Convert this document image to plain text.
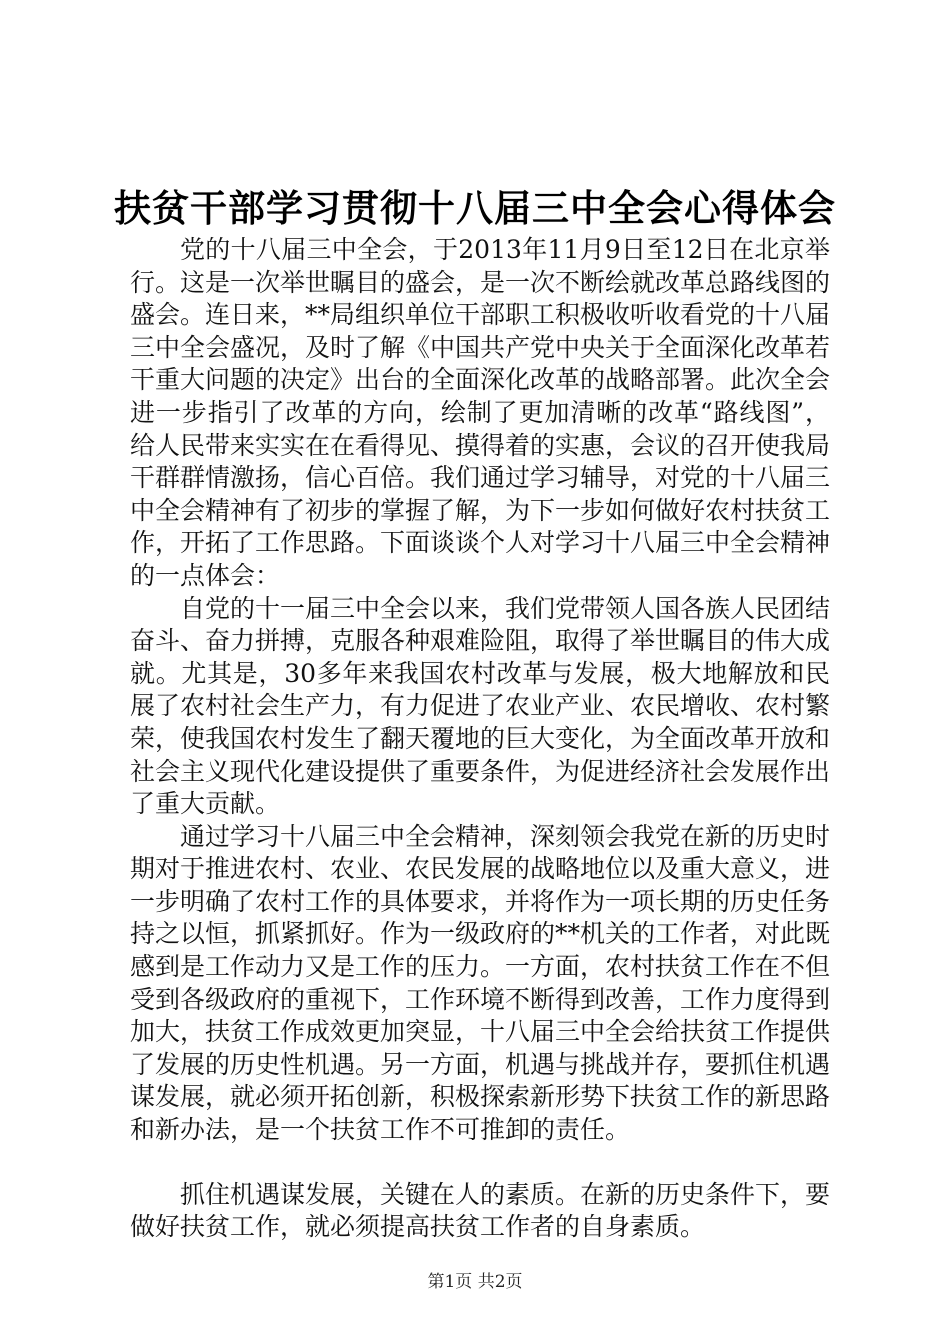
扶贫干部学习贯彻十八届三中全会心得体会

党的十八届三中全会，于2013年11月9日至12日在北京举行。这是一次举世瞩目的盛会，是一次不断绘就改革总路线图的盛会。连日来，**局组织单位干部职工积极收听收看党的十八届三中全会盛况，及时了解《中国共产党中央关于全面深化改革若干重大问题的决定》出台的全面深化改革的战略部署。此次全会进一步指引了改革的方向，绘制了更加清晰的改革“路线图”，给人民带来实实在在看得见、摸得着的实惠，会议的召开使我局干群群情激扬，信心百倍。我们通过学习辅导，对党的十八届三中全会精神有了初步的掌握了解，为下一步如何做好农村扶贫工作，开拓了工作思路。下面谈谈个人对学习十八届三中全会精神的一点体会：

自党的十一届三中全会以来，我们党带领人国各族人民团结奋斗、奋力拼搏，克服各种艰难险阻，取得了举世瞩目的伟大成就。尤其是，30多年来我国农村改革与发展，极大地解放和民展了农村社会生产力，有力促进了农业产业、农民增收、农村繁荣，使我国农村发生了翻天覆地的巨大变化，为全面改革开放和社会主义现代化建设提供了重要条件，为促进经济社会发展作出了重大贡献。

通过学习十八届三中全会精神，深刻领会我党在新的历史时期对于推进农村、农业、农民发展的战略地位以及重大意义，进一步明确了农村工作的具体要求，并将作为一项长期的历史任务持之以恒，抓紧抓好。作为一级政府的**机关的工作者，对此既感到是工作动力又是工作的压力。一方面，农村扶贫工作在不但受到各级政府的重视下，工作环境不断得到改善，工作力度得到加大，扶贫工作成效更加突显，十八届三中全会给扶贫工作提供了发展的历史性机遇。另一方面，机遇与挑战并存，要抓住机遇谋发展，就必须开拓创新，积极探索新形势下扶贫工作的新思路和新办法，是一个扶贫工作不可推卸的责任。

抓住机遇谋发展，关键在人的素质。在新的历史条件下，要做好扶贫工作，就必须提高扶贫工作者的自身素质。

第1页 共2页
